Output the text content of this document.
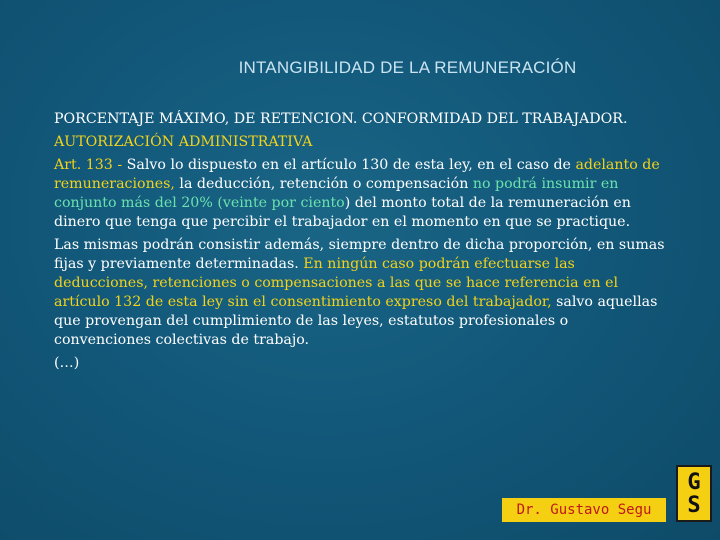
INTANGIBILIDAD DE LA REMUNERACIÓN
PORCENTAJE MÁXIMO, DE RETENCION. CONFORMIDAD DEL TRABAJADOR.
AUTORIZACIÓN ADMINISTRATIVA
Art. 133 - Salvo lo dispuesto en el artículo 130 de esta ley, en el caso de adelanto de remuneraciones, la deducción, retención o compensación no podrá insumir en conjunto más del 20% (veinte por ciento) del monto total de la remuneración en dinero que tenga que percibir el trabajador en el momento en que se practique.
Las mismas podrán consistir además, siempre dentro de dicha proporción, en sumas fijas y previamente determinadas. En ningún caso podrán efectuarse las deducciones, retenciones o compensaciones a las que se hace referencia en el artículo 132 de esta ley sin el consentimiento expreso del trabajador, salvo aquellas que provengan del cumplimiento de las leyes, estatutos profesionales o convenciones colectivas de trabajo.
(…)
Dr. Gustavo Segu
G
S
